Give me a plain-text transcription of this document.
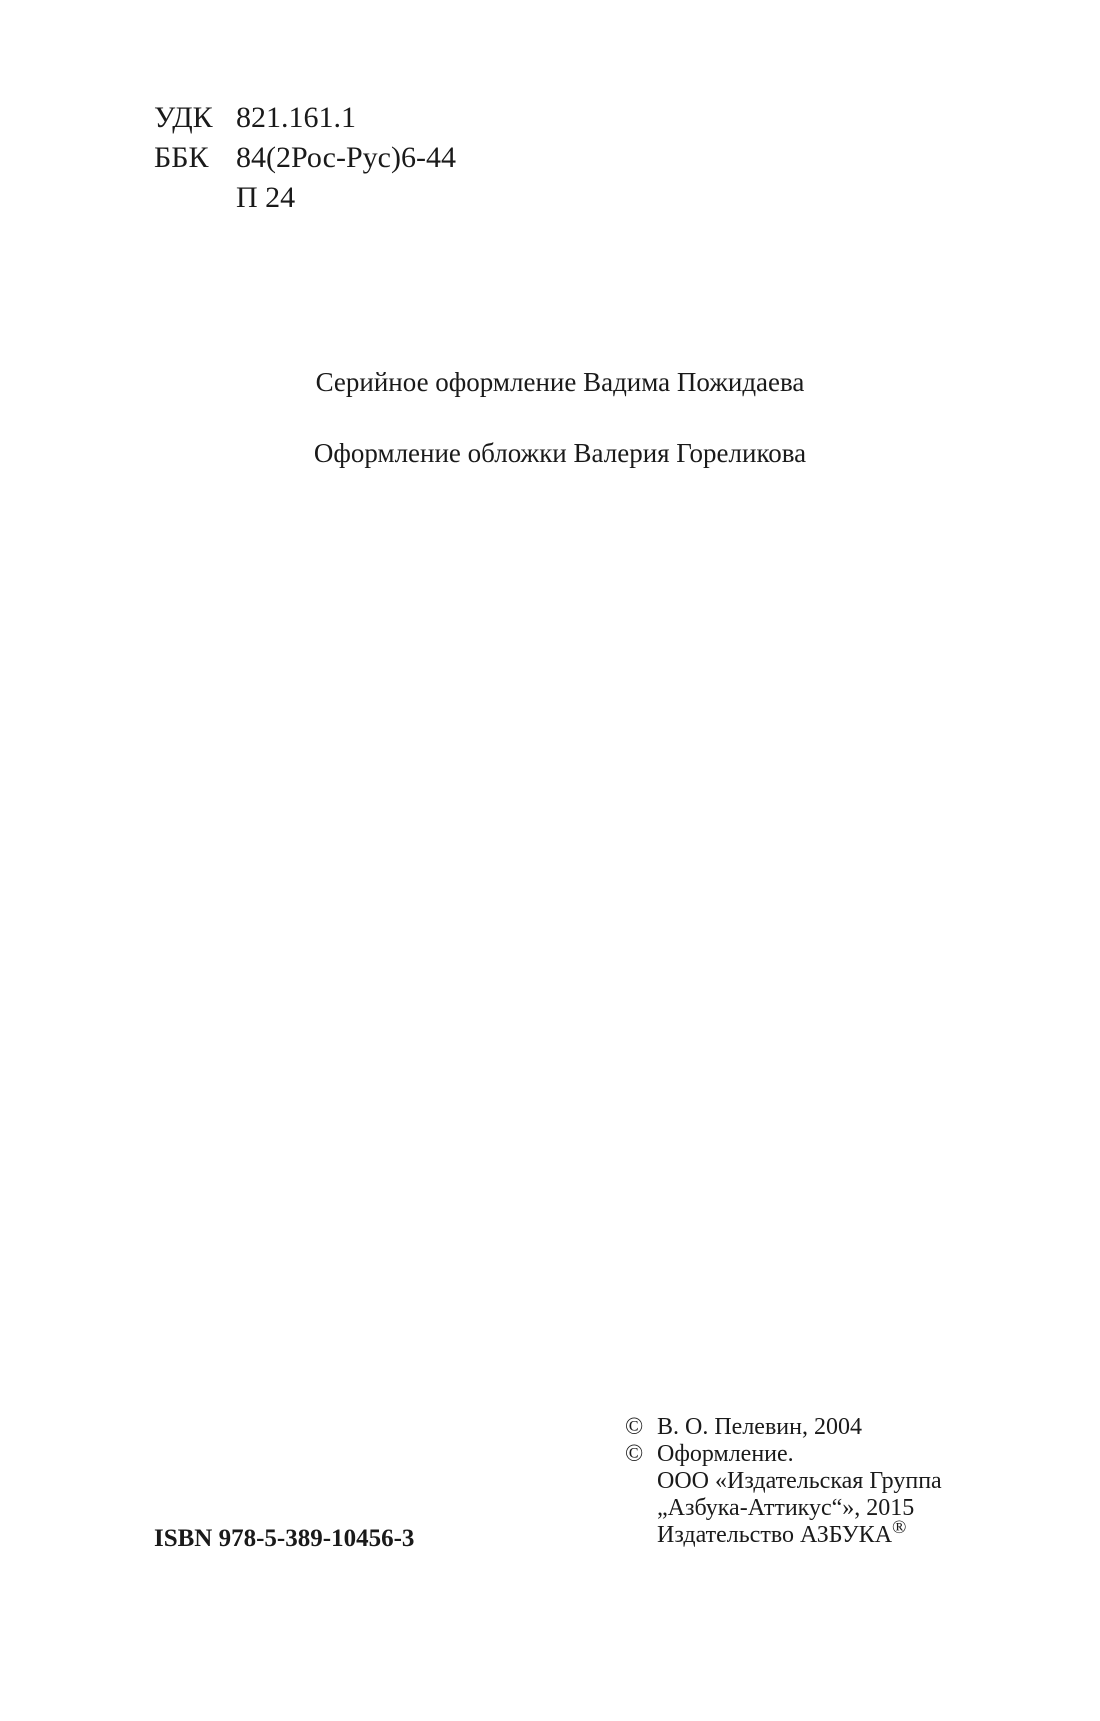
УДК 821.161.1
ББК 84(2Рос-Рус)6-44
П 24
Серийное оформление Вадима Пожидаева
Оформление обложки Валерия Гореликова
© В. О. Пелевин, 2004
© Оформление.
ООО «Издательская Группа
„Азбука-Аттикус“», 2015
Издательство АЗБУКА®
ISBN 978-5-389-10456-3
